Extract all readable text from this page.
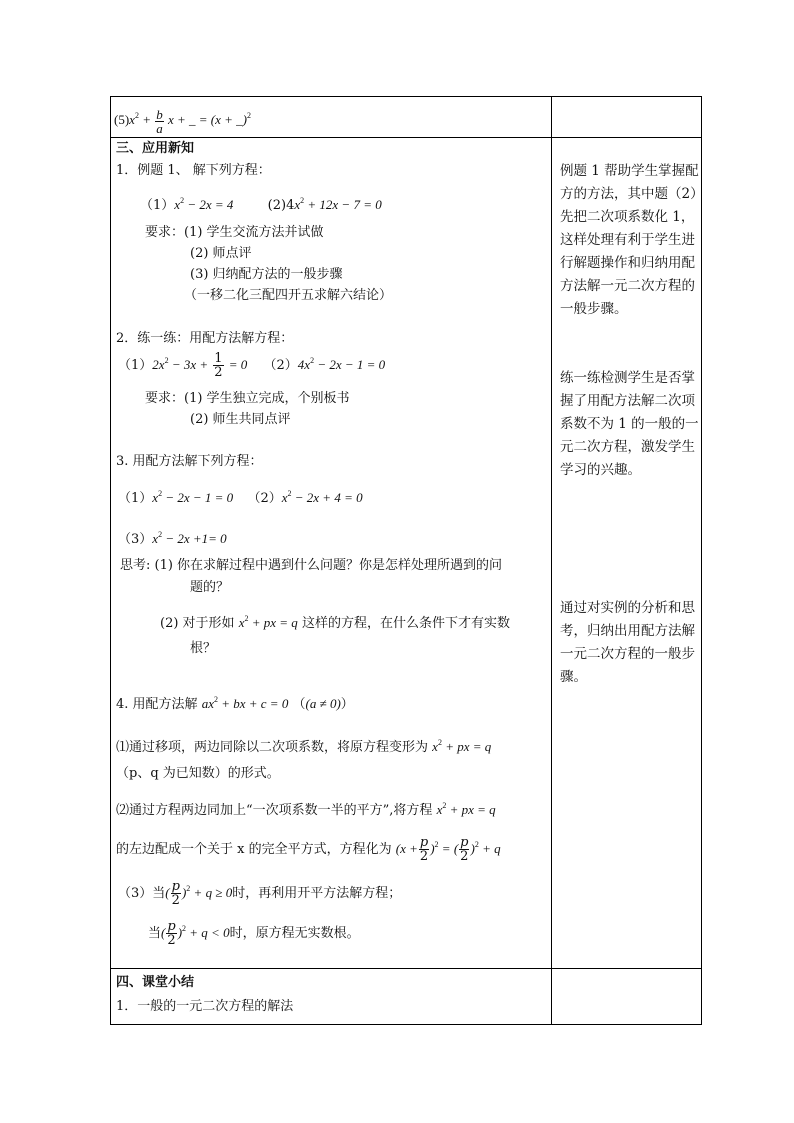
$(5)x^2 + \frac{b}{a}$ x + _ = (x + _)$^2$
三、应用新知
1．例题 1、 解下列方程：
$(1)x^2 - 2x = 4$	$(2)4x^2 + 12x - 7 = 0$
要求：(1) 学生交流方法并试做
(2) 师点评
(3) 归纳配方法的一般步骤
（一移二化三配四开五求解六结论）
2．练一练：用配方法解方程：
$(1)2x^2 - 3x + \frac{1}{2} = 0$ $(2)4x^2 - 2x - 1 = 0$
要求：(1) 学生独立完成，个别板书
(2) 师生共同点评
3. 用配方法解下列方程：
$(1)x^2 - 2x - 1 = 0$ $(2)x^2 - 2x + 4 = 0$
$(3)x^2 - 2x +1= 0$
思考: (1) 你在求解过程中遇到什么问题？你是怎样处理所遇到的问
题的？
(2) 对于形如 $x^2$ + px = q 这样的方程，在什么条件下才有实数
根？
4. 用配方法解 $ax^2$ + bx + c = 0 （(a ≠ 0)）
⑴通过移项，两边同除以二次项系数，将原方程变形为 $x^2$ + px = q
（p、q 为已知数）的形式。
⑵通过方程两边同加上“一次项系数一半的平方”,将方程 $x^2$ + px = q
的左边配成一个关于 x 的完全平方式，方程化为 $(x + \frac{p}{2} )^2$ = ( $\frac{p}{2} )^2 + q$
（3）当( $\frac{p}{2} )^2 + q \ge 0$时，再利用开平方法解方程；
当( $\frac{p}{2} )^2 + q < 0$时，原方程无实数根。
例题 1 帮助学生掌握配方的方法，其中题（2）先把二次项系数化 1，这样处理有利于学生进行解题操作和归纳用配方法解一元二次方程的一般步骤。
练一练检测学生是否掌握了用配方法解二次项系数不为 1 的一般的一元二次方程，激发学生学习的兴趣。
通过对实例的分析和思考，归纳出用配方法解一元二次方程的一般步骤。
四、课堂小结
1．一般的一元二次方程的解法
